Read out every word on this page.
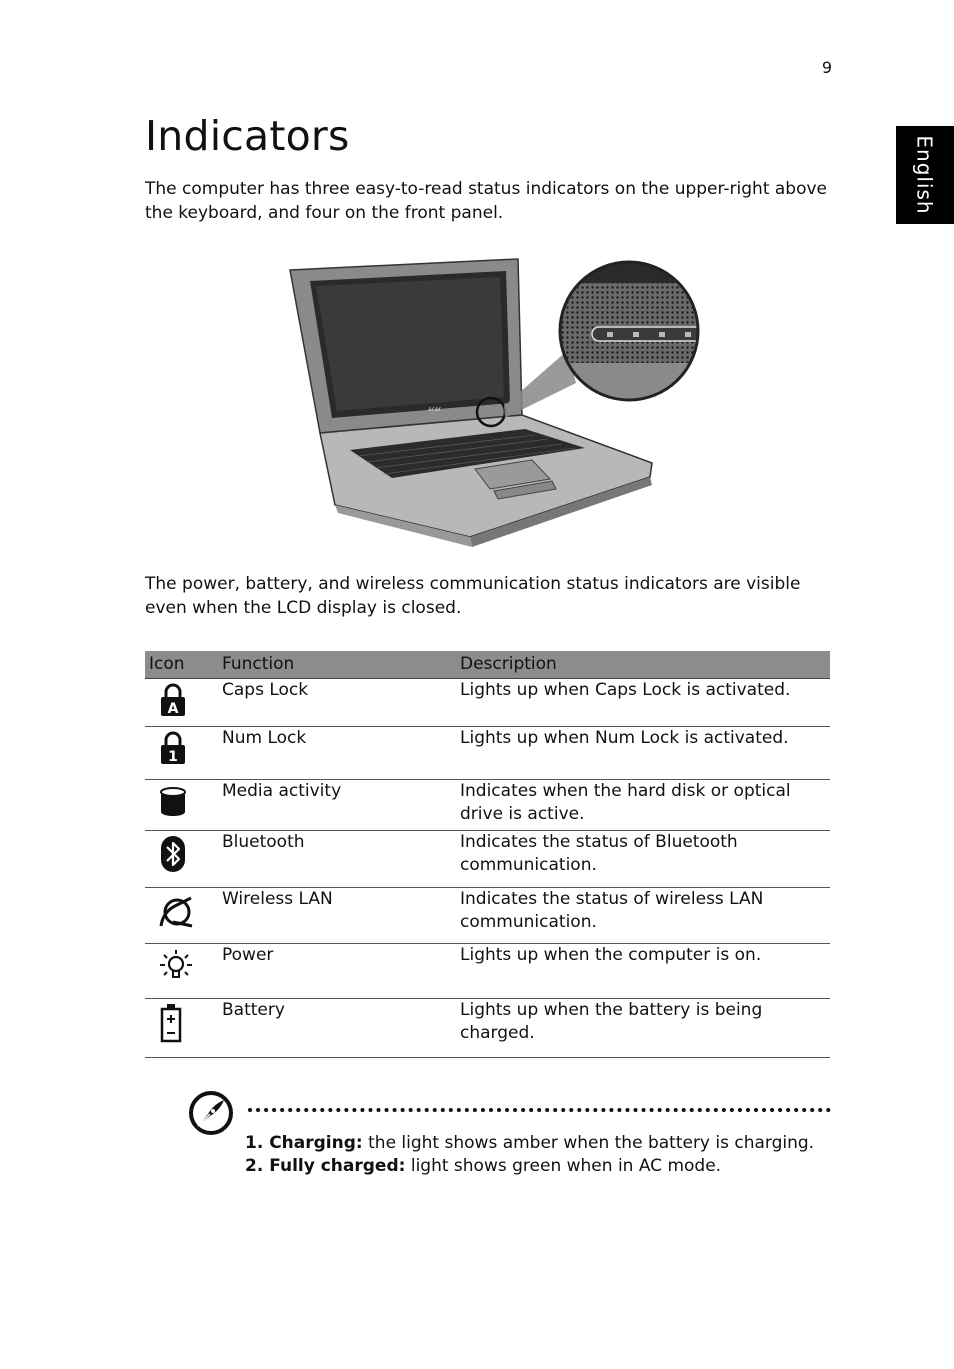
9
English
Indicators

The computer has three easy-to-read status indicators on the upper-right above the keyboard, and four on the front panel.

acer

The power, battery, and wireless communication status indicators are visible even when the LCD display is closed.

Icon	Function	Description

A	Caps Lock	Lights up when Caps Lock is activated.

1	Num Lock	Lights up when Num Lock is activated.

	Media activity	Indicates when the hard disk or optical drive is active.

	Bluetooth	Indicates the status of Bluetooth communication.

	Wireless LAN	Indicates the status of wireless LAN communication.

	Power	Lights up when the computer is on.

	Battery	Lights up when the battery is being charged.
1. Charging: the light shows amber when the battery is charging.
2. Fully charged: light shows green when in AC mode.
